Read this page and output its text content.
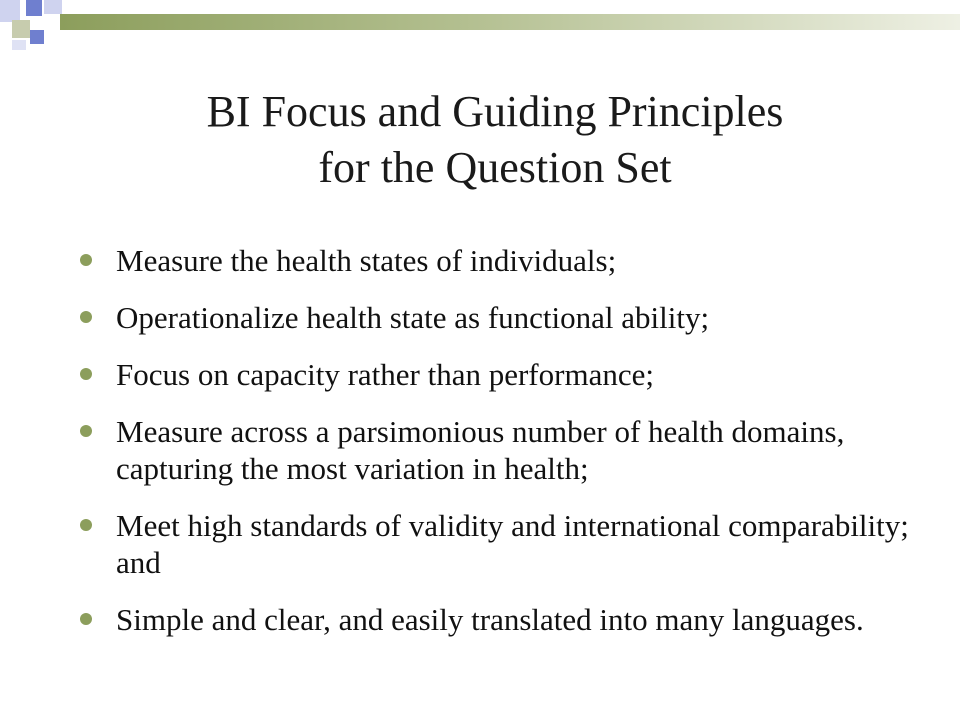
BI Focus and Guiding Principles
for the Question Set
Measure the health states of individuals;
Operationalize health state as functional ability;
Focus on capacity rather than performance;
Measure across a parsimonious number of health domains, capturing the most variation in health;
Meet high standards of validity and international comparability; and
Simple and clear, and easily translated into many languages.
